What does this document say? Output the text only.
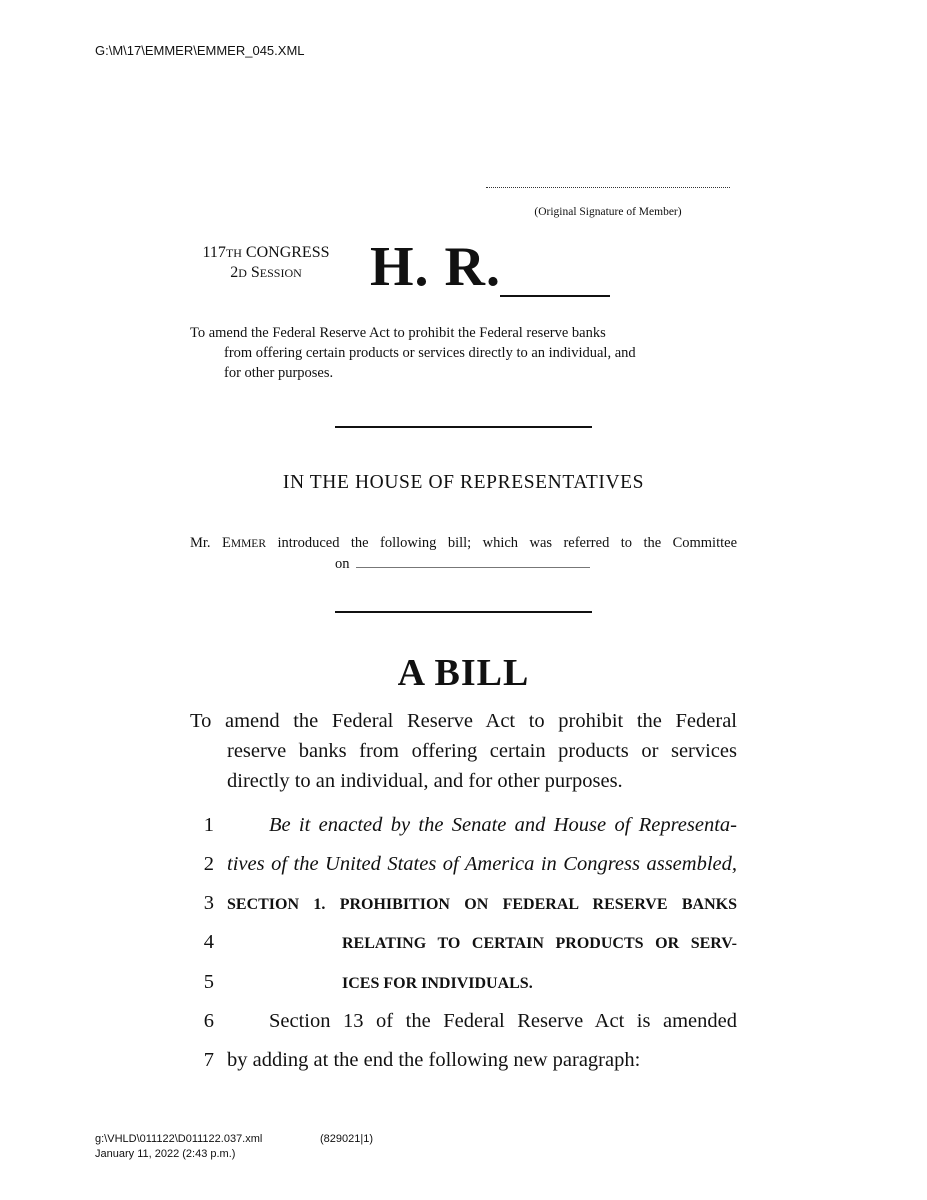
G:\M\17\EMMER\EMMER_045.XML
(Original Signature of Member)
117TH CONGRESS
2D SESSION	H. R.
To amend the Federal Reserve Act to prohibit the Federal reserve banks
from offering certain products or services directly to an individual, and
for other purposes.
IN THE HOUSE OF REPRESENTATIVES
Mr. EMMER introduced the following bill; which was referred to the Committee
on
A BILL
To amend the Federal Reserve Act to prohibit the Federal
reserve banks from offering certain products or services
directly to an individual, and for other purposes.
1
2
3
4
5
6
7
Be it enacted by the Senate and House of Representa-
tives of the United States of America in Congress assembled,
SECTION 1. PROHIBITION ON FEDERAL RESERVE BANKS
RELATING TO CERTAIN PRODUCTS OR SERV-
ICES FOR INDIVIDUALS.
Section 13 of the Federal Reserve Act is amended
by adding at the end the following new paragraph:
g:\VHLD\011122\D011122.037.xml	(829021|1)
January 11, 2022 (2:43 p.m.)
